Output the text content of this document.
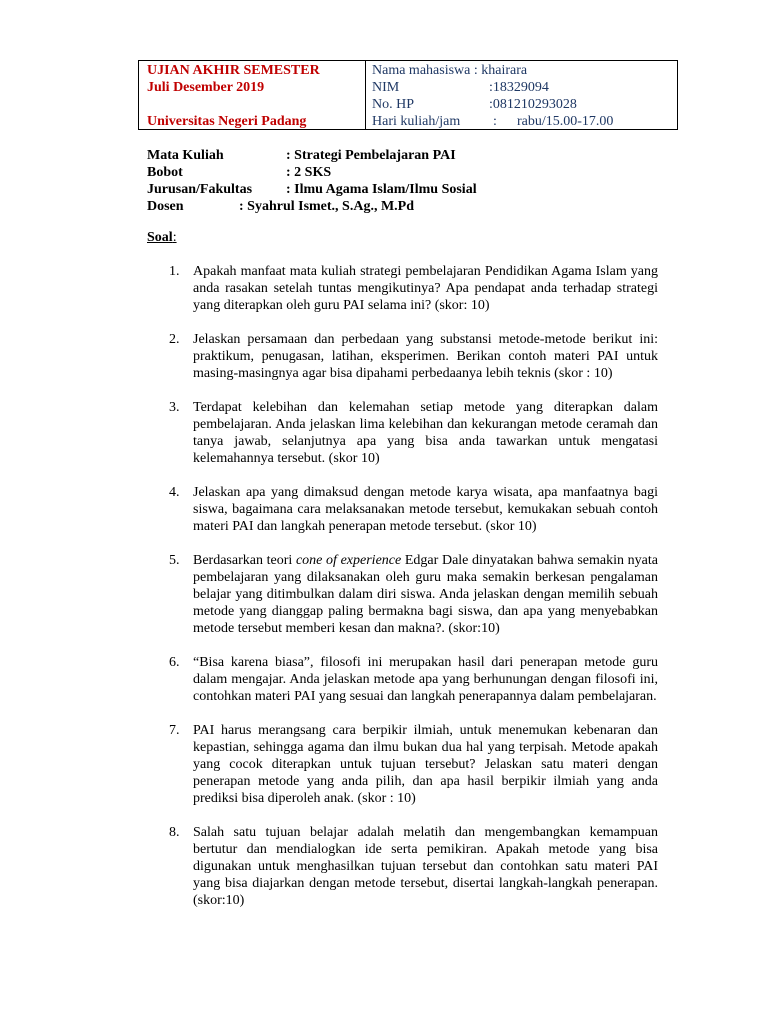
UJIAN AKHIR SEMESTER
Juli Desember 2019
Universitas Negeri Padang
Nama mahasiswa : khairara
NIM	:18329094
No. HP	:081210293028
Hari kuliah/jam	:	rabu/15.00-17.00
Mata Kuliah	: Strategi Pembelajaran PAI
Bobot	: 2 SKS
Jurusan/Fakultas	: Ilmu Agama Islam/Ilmu Sosial
Dosen	: Syahrul Ismet., S.Ag., M.Pd
Soal:
1. Apakah manfaat mata kuliah strategi pembelajaran Pendidikan Agama Islam yang anda rasakan setelah tuntas mengikutinya? Apa pendapat anda terhadap strategi yang diterapkan oleh guru PAI selama ini? (skor: 10)
2. Jelaskan persamaan dan perbedaan yang substansi metode-metode berikut ini: praktikum, penugasan, latihan, eksperimen. Berikan contoh materi PAI untuk masing-masingnya agar bisa dipahami perbedaanya lebih teknis (skor : 10)
3. Terdapat kelebihan dan kelemahan setiap metode yang diterapkan dalam pembelajaran. Anda jelaskan lima kelebihan dan kekurangan metode ceramah dan tanya jawab, selanjutnya apa yang bisa anda tawarkan untuk mengatasi kelemahannya tersebut. (skor 10)
4. Jelaskan apa yang dimaksud dengan metode karya wisata, apa manfaatnya bagi siswa, bagaimana cara melaksanakan metode tersebut, kemukakan sebuah contoh materi PAI dan langkah penerapan metode tersebut. (skor 10)
5. Berdasarkan teori cone of experience Edgar Dale dinyatakan bahwa semakin nyata pembelajaran yang dilaksanakan oleh guru maka semakin berkesan pengalaman belajar yang ditimbulkan dalam diri siswa. Anda jelaskan dengan memilih sebuah metode yang dianggap paling bermakna bagi siswa, dan apa yang menyebabkan metode tersebut memberi kesan dan makna?. (skor:10)
6. “Bisa karena biasa”, filosofi ini merupakan hasil dari penerapan metode guru dalam mengajar. Anda jelaskan metode apa yang berhunungan dengan filosofi ini, contohkan materi PAI yang sesuai dan langkah penerapannya dalam pembelajaran.
7. PAI harus merangsang cara berpikir ilmiah, untuk menemukan kebenaran dan kepastian, sehingga agama dan ilmu bukan dua hal yang terpisah. Metode apakah yang cocok diterapkan untuk tujuan tersebut? Jelaskan satu materi dengan penerapan metode yang anda pilih, dan apa hasil berpikir ilmiah yang anda prediksi bisa diperoleh anak. (skor : 10)
8. Salah satu tujuan belajar adalah melatih dan mengembangkan kemampuan bertutur dan mendialogkan ide serta pemikiran. Apakah metode yang bisa digunakan untuk menghasilkan tujuan tersebut dan contohkan satu materi PAI yang bisa diajarkan dengan metode tersebut, disertai langkah-langkah penerapan.(skor:10)
